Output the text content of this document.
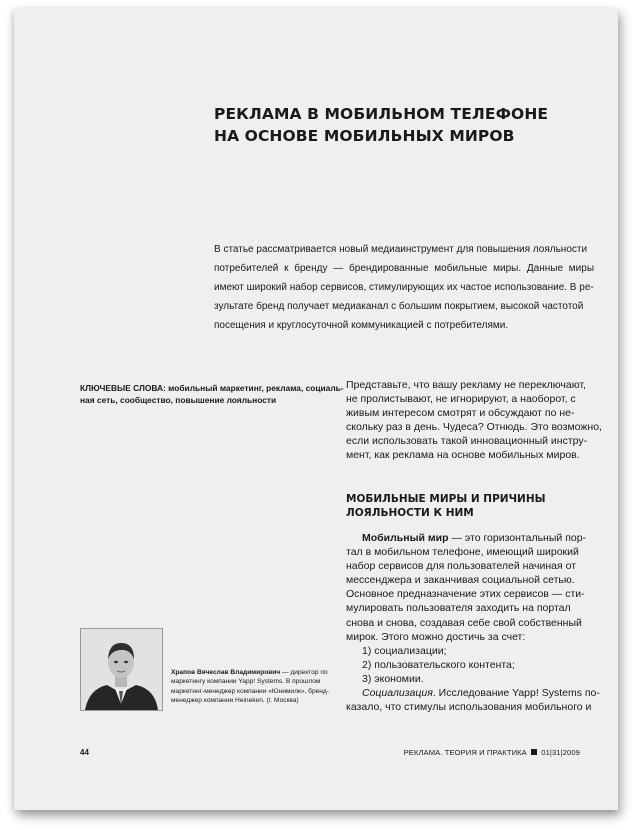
РЕКЛАМА В МОБИЛЬНОМ ТЕЛЕФОНЕ
НА ОСНОВЕ МОБИЛЬНЫХ МИРОВ
В статье рассматривается новый медиаинструмент для повышения лояльности
потребителей к бренду — брендированные мобильные миры. Данные миры
имеют широкий набор сервисов, стимулирующих их частое использование. В ре-
зультате бренд получает медиаканал с большим покрытием, высокой частотой
посещения и круглосуточной коммуникацией с потребителями.
КЛЮЧЕВЫЕ СЛОВА: мобильный маркетинг, реклама, социаль-
ная сеть, сообщество, повышение лояльности
Представьте, что вашу рекламу не переключают,
не пролистывают, не игнорируют, а наоборот, с
живым интересом смотрят и обсуждают по не-
скольку раз в день. Чудеса? Отнюдь. Это возможно,
если использовать такой инновационный инстру-
мент, как реклама на основе мобильных миров.
МОБИЛЬНЫЕ МИРЫ И ПРИЧИНЫ
ЛОЯЛЬНОСТИ К НИМ
Мобильный мир — это горизонтальный пор-
тал в мобильном телефоне, имеющий широкий
набор сервисов для пользователей начиная от
мессенджера и заканчивая социальной сетью.
Основное предназначение этих сервисов — сти-
мулировать пользователя заходить на портал
снова и снова, создавая себе свой собственный
мирок. Этого можно достичь за счет:
1) социализации;
2) пользовательского контента;
3) экономии.
Социализация. Исследование Yapp! Systems по-
казало, что стимулы использования мобильного и
Храпов Вячеслав Владимирович — директор по
маркетингу компании Yapp! Systems. В прошлом
маркетинг-менеджер компании «Юнимилк», бренд-
менеджер компании Heineken. (г. Москва)
44	РЕКЛАМА. ТЕОРИЯ И ПРАКТИКА 01|31|2009
